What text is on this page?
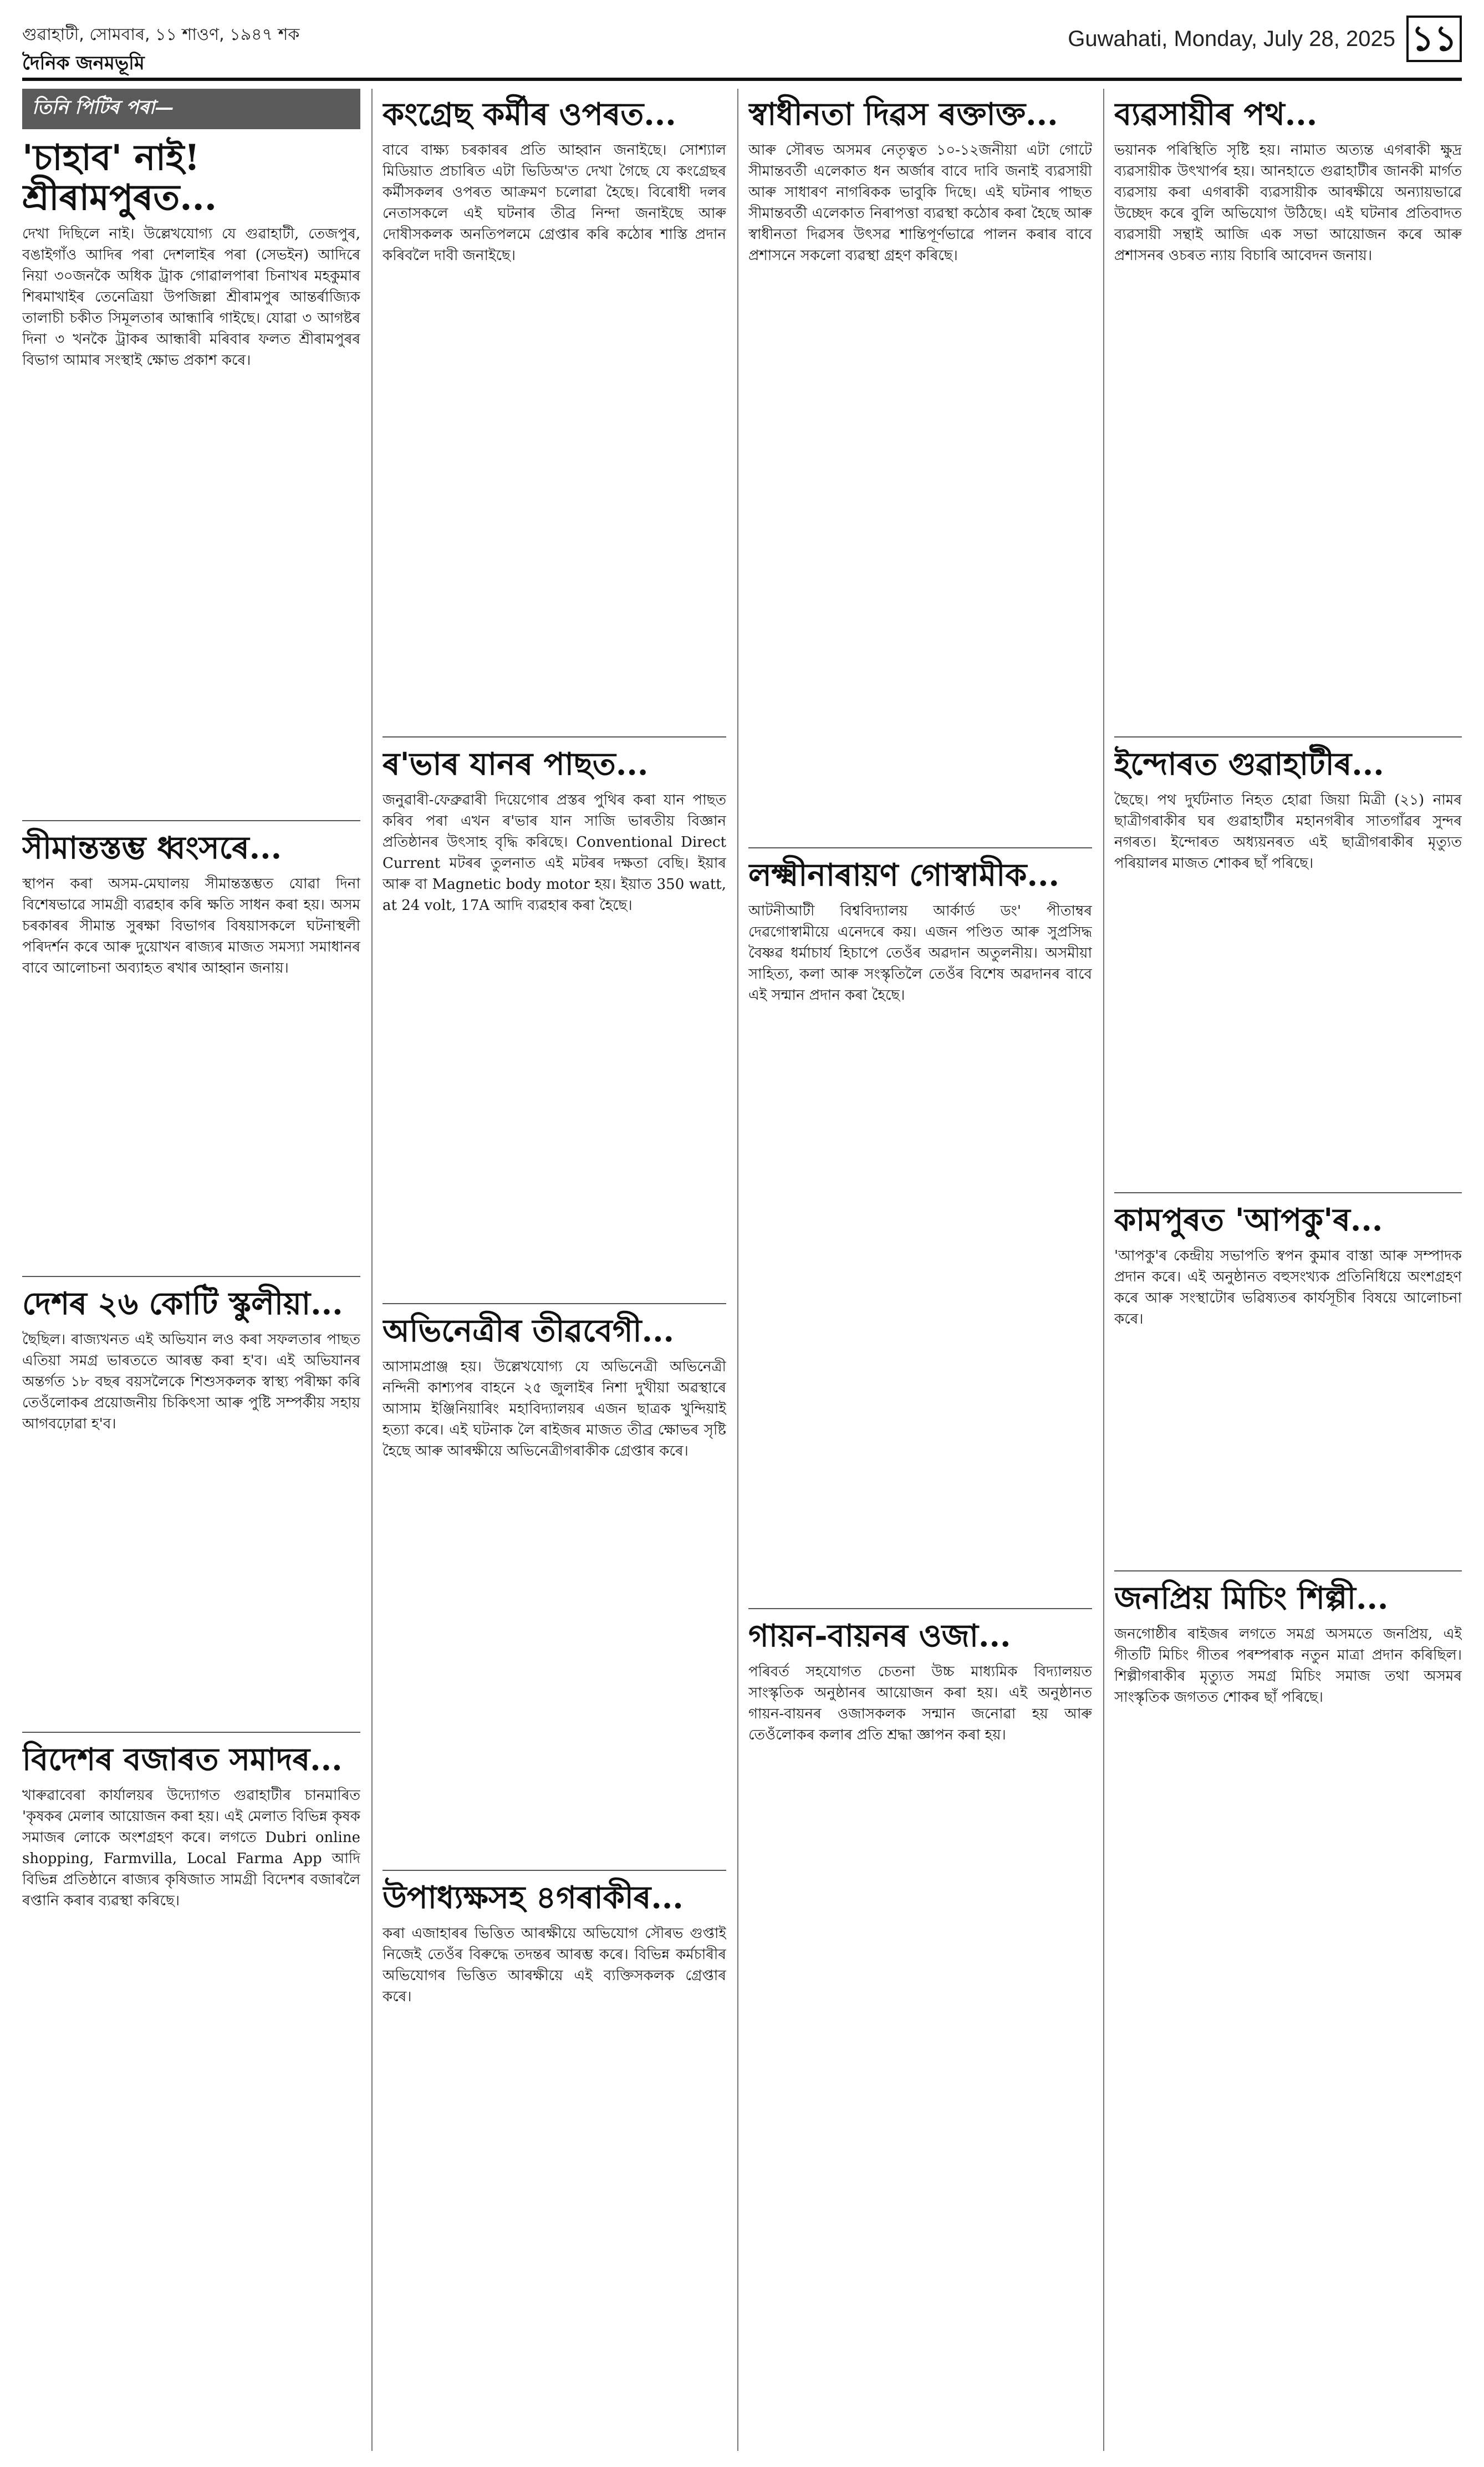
গুৱাহাটী, সোমবাৰ, ১১ শাওণ, ১৯৪৭ শক
দৈনিক জনমভূমি
Guwahati, Monday, July 28, 2025 ১১
তিনি পিটিৰ পৰা—
'চাহাব' নাই! শ্ৰীৰামপুৰত...

দেখা দিছিলে নাই। উল্লেখযোগ্য যে গুৱাহাটী, তেজপুৰ, বঙাইগাঁও আদিৰ পৰা দেশলাইৰ পৰা (সেভইন) আদিৰে নিয়া ৩০জনকৈ অধিক ট্ৰাক গোৱালপাৰা চিনাখৰ মহকুমাৰ শিৰমাখাইৰ তেনেত্ৰিয়া উপজিল্লা শ্ৰীৰামপুৰ আন্তৰ্ৰাজ্যিক তালাচী চকীত সিমূলতাৰ আন্ধাৰি গাইছে। যোৱা ৩ আগষ্টৰ দিনা ৩ খনকৈ ট্ৰাকৰ আন্ধাৰী মৰিবাৰ ফলত শ্ৰীৰামপুৰৰ বিভাগ আমাৰ সংস্থাই ক্ষোভ প্ৰকাশ কৰে।

সীমান্তস্তম্ভ ধ্বংসৰে...

স্থাপন কৰা অসম-মেঘালয় সীমান্তস্তম্ভত যোৱা দিনা বিশেষভাৱে সামগ্ৰী ব্যৱহাৰ কৰি ক্ষতি সাধন কৰা হয়। অসম চৰকাৰৰ সীমান্ত সুৰক্ষা বিভাগৰ বিষয়াসকলে ঘটনাস্থলী পৰিদৰ্শন কৰে আৰু দুয়োখন ৰাজ্যৰ মাজত সমস্যা সমাধানৰ বাবে আলোচনা অব্যাহত ৰখাৰ আহ্বান জনায়।

দেশৰ ২৬ কোটি স্কুলীয়া...

ছৈছিল। ৰাজ্যখনত এই অভিযান লও কৰা সফলতাৰ পাছত এতিয়া সমগ্ৰ ভাৰততে আৰম্ভ কৰা হ'ব। এই অভিযানৰ অন্তৰ্গত ১৮ বছৰ বয়সলৈকে শিশুসকলক স্বাস্থ্য পৰীক্ষা কৰি তেওঁলোকৰ প্ৰয়োজনীয় চিকিৎসা আৰু পুষ্টি সম্পৰ্কীয় সহায় আগবঢ়োৱা হ'ব।

বিদেশৰ বজাৰত সমাদৰ...

খাৰুৱাবেৰা কাৰ্যালয়ৰ উদ্যোগত গুৱাহাটীৰ চানমাৰিত 'কৃষকৰ মেলাৰ আয়োজন কৰা হয়। এই মেলাত বিভিন্ন কৃষক সমাজৰ লোকে অংশগ্ৰহণ কৰে। লগতে Dubri online shopping, Farmvilla, Local Farma App আদি বিভিন্ন প্ৰতিষ্ঠানে ৰাজ্যৰ কৃষিজাত সামগ্ৰী বিদেশৰ বজাৰলৈ ৰপ্তানি কৰাৰ ব্যৱস্থা কৰিছে।

কংগ্ৰেছ কৰ্মীৰ ওপৰত...

বাবে বাক্ষ্য চৰকাৰৰ প্ৰতি আহ্বান জনাইছে। সোশ্যাল মিডিয়াত প্ৰচাৰিত এটা ভিডিঅ'ত দেখা গৈছে যে কংগ্ৰেছৰ কৰ্মীসকলৰ ওপৰত আক্ৰমণ চলোৱা হৈছে। বিৰোধী দলৰ নেতাসকলে এই ঘটনাৰ তীব্ৰ নিন্দা জনাইছে আৰু দোষীসকলক অনতিপলমে গ্ৰেপ্তাৰ কৰি কঠোৰ শাস্তি প্ৰদান কৰিবলৈ দাবী জনাইছে।

ৰ'ভাৰ যানৰ পাছত...

জনুৱাৰী-ফেব্ৰুৱাৰী দিয়েগোৰ প্ৰস্তৰ পুথিৰ কৰা যান পাছত কৰিব পৰা এখন ৰ'ভাৰ যান সাজি ভাৰতীয় বিজ্ঞান প্ৰতিষ্ঠানৰ উৎসাহ বৃদ্ধি কৰিছে। Conventional Direct Current মটৰৰ তুলনাত এই মটৰৰ দক্ষতা বেছি। ইয়াৰ আৰু বা Magnetic body motor হয়। ইয়াত 350 watt, at 24 volt, 17A আদি ব্যৱহাৰ কৰা হৈছে।

অভিনেত্ৰীৰ তীৱবেগী...

আসামপ্ৰাঞ্জ হয়। উল্লেখযোগ্য যে অভিনেত্ৰী অভিনেত্ৰী নন্দিনী কাশ্যপৰ বাহনে ২৫ জুলাইৰ নিশা দুখীয়া অৱস্থাৰে আসাম ইঞ্জিনিয়াৰিং মহাবিদ্যালয়ৰ এজন ছাত্ৰক খুন্দিয়াই হত্যা কৰে। এই ঘটনাক লৈ ৰাইজৰ মাজত তীব্ৰ ক্ষোভৰ সৃষ্টি হৈছে আৰু আৰক্ষীয়ে অভিনেত্ৰীগৰাকীক গ্ৰেপ্তাৰ কৰে।

উপাধ্যক্ষসহ ৪গৰাকীৰ...

কৰা এজাহাৰৰ ভিত্তিত আৰক্ষীয়ে অভিযোগ সৌৰভ গুপ্তাই নিজেই তেওঁৰ বিৰুদ্ধে তদন্তৰ আৰম্ভ কৰে। বিভিন্ন কৰ্মচাৰীৰ অভিযোগৰ ভিত্তিত আৰক্ষীয়ে এই ব্যক্তিসকলক গ্ৰেপ্তাৰ কৰে।

স্বাধীনতা দিৱস ৰক্তাক্ত...

আৰু সৌৰভ অসমৰ নেতৃত্বত ১০-১২জনীয়া এটা গোটে সীমান্তবৰ্তী এলেকাত ধন অৰ্জাৰ বাবে দাবি জনাই ব্যৱসায়ী আৰু সাধাৰণ নাগৰিকক ভাবুকি দিছে। এই ঘটনাৰ পাছত সীমান্তবৰ্তী এলেকাত নিৰাপত্তা ব্যৱস্থা কঠোৰ কৰা হৈছে আৰু স্বাধীনতা দিৱসৰ উৎসৱ শান্তিপূৰ্ণভাৱে পালন কৰাৰ বাবে প্ৰশাসনে সকলো ব্যৱস্থা গ্ৰহণ কৰিছে।

লক্ষ্মীনাৰায়ণ গোস্বামীক...

আটনীআটী বিশ্ববিদ্যালয় আৰ্কাৰ্ড ডং' পীতাম্বৰ দেৱগোস্বামীয়ে এনেদৰে কয়। এজন পণ্ডিত আৰু সুপ্ৰসিদ্ধ বৈষ্ণৱ ধৰ্মাচাৰ্য হিচাপে তেওঁৰ অৱদান অতুলনীয়। অসমীয়া সাহিত্য, কলা আৰু সংস্কৃতিলৈ তেওঁৰ বিশেষ অৱদানৰ বাবে এই সন্মান প্ৰদান কৰা হৈছে।

গায়ন-বায়নৰ ওজা...

পৰিবৰ্ত সহযোগত চেতনা উচ্চ মাধ্যমিক বিদ্যালয়ত সাংস্কৃতিক অনুষ্ঠানৰ আয়োজন কৰা হয়। এই অনুষ্ঠানত গায়ন-বায়নৰ ওজাসকলক সন্মান জনোৱা হয় আৰু তেওঁলোকৰ কলাৰ প্ৰতি শ্ৰদ্ধা জ্ঞাপন কৰা হয়।

ব্যৱসায়ীৰ পথ...

ভয়ানক পৰিস্থিতি সৃষ্টি হয়। নামাত অত্যন্ত এগৰাকী ক্ষুদ্ৰ ব্যৱসায়ীক উৎখাৰ্পৰ হয়। আনহাতে গুৱাহাটীৰ জানকী মাৰ্গত ব্যৱসায় কৰা এগৰাকী ব্যৱসায়ীক আৰক্ষীয়ে অন্যায়ভাৱে উচ্ছেদ কৰে বুলি অভিযোগ উঠিছে। এই ঘটনাৰ প্ৰতিবাদত ব্যৱসায়ী সন্থাই আজি এক সভা আয়োজন কৰে আৰু প্ৰশাসনৰ ওচৰত ন্যায় বিচাৰি আবেদন জনায়।

ইন্দোৰত গুৱাহাটীৰ...

ছৈছে। পথ দুৰ্ঘটনাত নিহত হোৱা জিয়া মিত্ৰী (২১) নামৰ ছাত্ৰীগৰাকীৰ ঘৰ গুৱাহাটীৰ মহানগৰীৰ সাতগাঁৱৰ সুন্দৰ নগৰত। ইন্দোৰত অধ্যয়নৰত এই ছাত্ৰীগৰাকীৰ মৃত্যুত পৰিয়ালৰ মাজত শোকৰ ছাঁ পৰিছে।

কামপুৰত 'আপকু'ৰ...

'আপকু'ৰ কেন্দ্ৰীয় সভাপতি স্বপন কুমাৰ বাস্তা আৰু সম্পাদক প্ৰদান কৰে। এই অনুষ্ঠানত বহুসংখ্যক প্ৰতিনিধিয়ে অংশগ্ৰহণ কৰে আৰু সংস্থাটোৰ ভৱিষ্যতৰ কাৰ্যসূচীৰ বিষয়ে আলোচনা কৰে।

জনপ্ৰিয় মিচিং শিল্পী...

জনগোষ্ঠীৰ ৰাইজৰ লগতে সমগ্ৰ অসমতে জনপ্ৰিয়, এই গীতটি মিচিং গীতৰ পৰম্পৰাক নতুন মাত্ৰা প্ৰদান কৰিছিল। শিল্পীগৰাকীৰ মৃত্যুত সমগ্ৰ মিচিং সমাজ তথা অসমৰ সাংস্কৃতিক জগতত শোকৰ ছাঁ পৰিছে।
